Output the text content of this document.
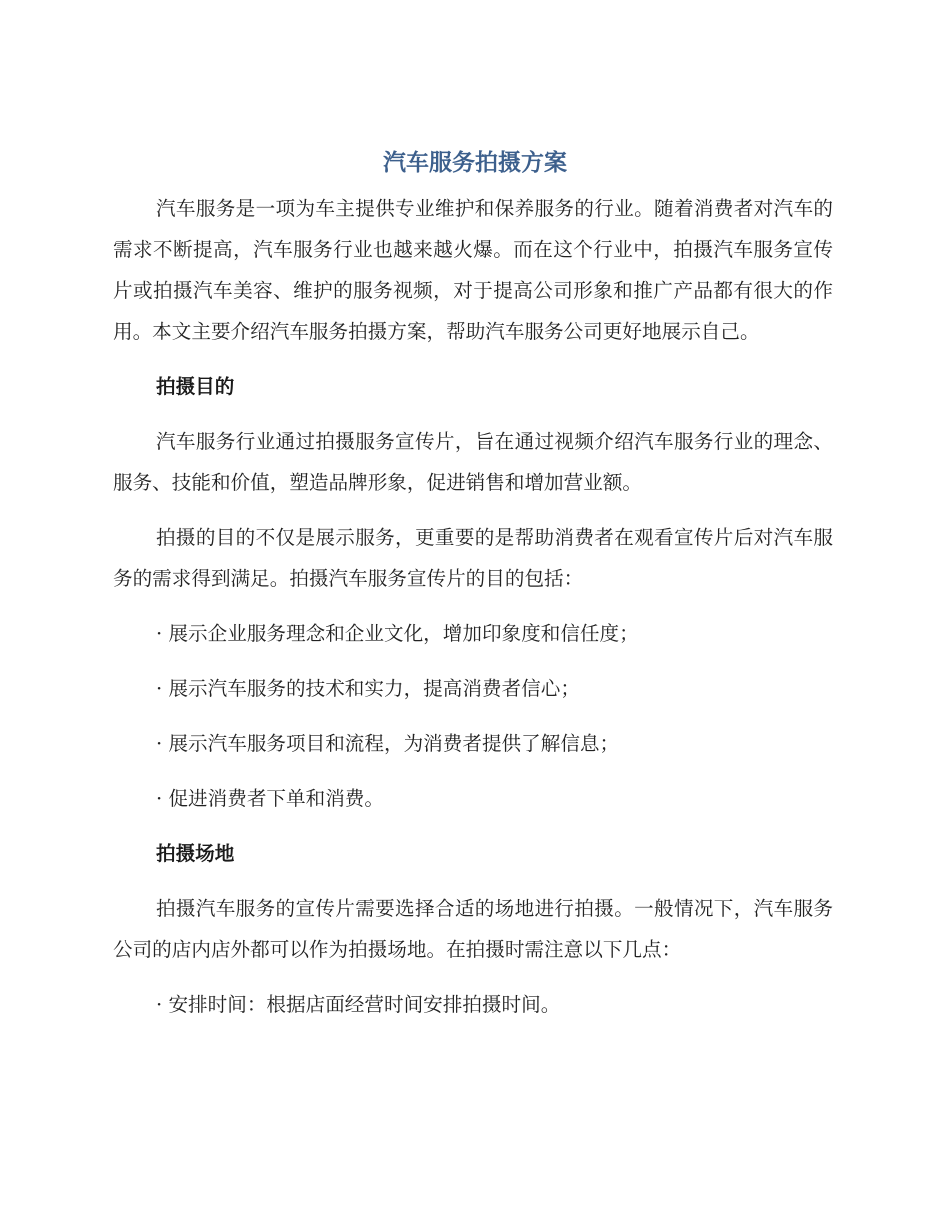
汽车服务拍摄方案

汽车服务是一项为车主提供专业维护和保养服务的行业。随着消费者对汽车的需求不断提高，汽车服务行业也越来越火爆。而在这个行业中，拍摄汽车服务宣传片或拍摄汽车美容、维护的服务视频，对于提高公司形象和推广产品都有很大的作用。本文主要介绍汽车服务拍摄方案，帮助汽车服务公司更好地展示自己。

拍摄目的

汽车服务行业通过拍摄服务宣传片，旨在通过视频介绍汽车服务行业的理念、服务、技能和价值，塑造品牌形象，促进销售和增加营业额。

拍摄的目的不仅是展示服务，更重要的是帮助消费者在观看宣传片后对汽车服务的需求得到满足。拍摄汽车服务宣传片的目的包括：

· 展示企业服务理念和企业文化，增加印象度和信任度；

· 展示汽车服务的技术和实力，提高消费者信心；

· 展示汽车服务项目和流程，为消费者提供了解信息；

· 促进消费者下单和消费。

拍摄场地

拍摄汽车服务的宣传片需要选择合适的场地进行拍摄。一般情况下，汽车服务公司的店内店外都可以作为拍摄场地。在拍摄时需注意以下几点：

· 安排时间：根据店面经营时间安排拍摄时间。
